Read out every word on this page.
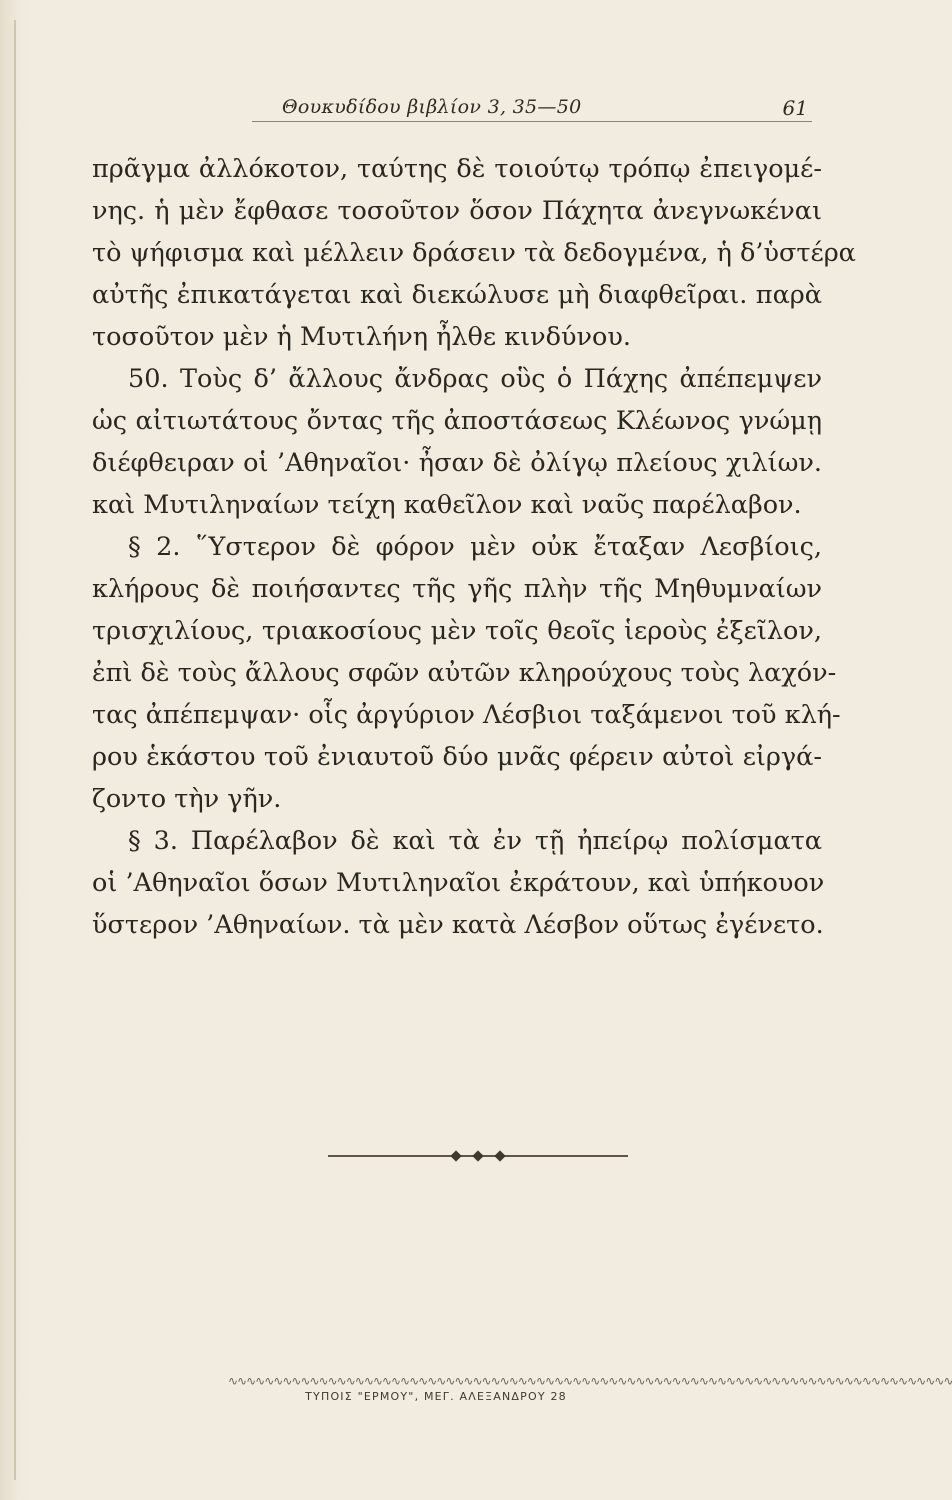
Θουκυδίδου βιβλίον 3, 35—50	61
πρᾶγμα ἀλλόκοτον, ταύτης δὲ τοιούτῳ τρόπῳ ἐπειγομέ-
νης. ἡ μὲν ἔφθασε τοσοῦτον ὅσον Πάχητα ἀνεγνωκέναι
τὸ ψήφισμα καὶ μέλλειν δράσειν τὰ δεδογμένα, ἡ δ’ὑστέρα
αὐτῆς ἐπικατάγεται καὶ διεκώλυσε μὴ διαφθεῖραι. παρὰ
τοσοῦτον μὲν ἡ Μυτιλήνη ἦλθε κινδύνου.
50. Τοὺς δ’ ἄλλους ἄνδρας οὓς ὁ Πάχης ἀπέπεμψεν
ὡς αἰτιωτάτους ὄντας τῆς ἀποστάσεως Κλέωνος γνώμῃ
διέφθειραν οἱ ’Αθηναῖοι· ἦσαν δὲ ὀλίγῳ πλείους χιλίων.
καὶ Μυτιληναίων τείχη καθεῖλον καὶ ναῦς παρέλαβον.
§ 2. ῞Υστερον δὲ φόρον μὲν οὐκ ἔταξαν Λεσβίοις,
κλήρους δὲ ποιήσαντες τῆς γῆς πλὴν τῆς Μηθυμναίων
τρισχιλίους, τριακοσίους μὲν τοῖς θεοῖς ἱεροὺς ἐξεῖλον,
ἐπὶ δὲ τοὺς ἄλλους σφῶν αὐτῶν κληρούχους τοὺς λαχόν-
τας ἀπέπεμψαν· οἷς ἀργύριον Λέσβιοι ταξάμενοι τοῦ κλή-
ρου ἑκάστου τοῦ ἐνιαυτοῦ δύο μνᾶς φέρειν αὐτοὶ εἰργά-
ζοντο τὴν γῆν.
§ 3. Παρέλαβον δὲ καὶ τὰ ἐν τῇ ἠπείρῳ πολίσματα
οἱ ’Αθηναῖοι ὅσων Μυτιληναῖοι ἐκράτουν, καὶ ὑπήκουον
ὕστερον ’Αθηναίων. τὰ μὲν κατὰ Λέσβον οὕτως ἐγένετο.
∿∿∿∿∿∿∿∿∿∿∿∿∿∿∿∿∿∿∿∿∿∿∿∿∿∿∿∿∿∿∿∿∿∿∿∿∿∿∿∿∿∿∿∿∿∿∿∿∿∿∿∿∿∿∿∿∿∿∿∿∿∿∿∿∿∿∿∿∿∿∿∿∿∿∿∿∿∿∿∿
ΤΥΠΟΙΣ "ΕΡΜΟΥ", ΜΕΓ. ΑΛΕΞΑΝΔΡΟΥ 28
